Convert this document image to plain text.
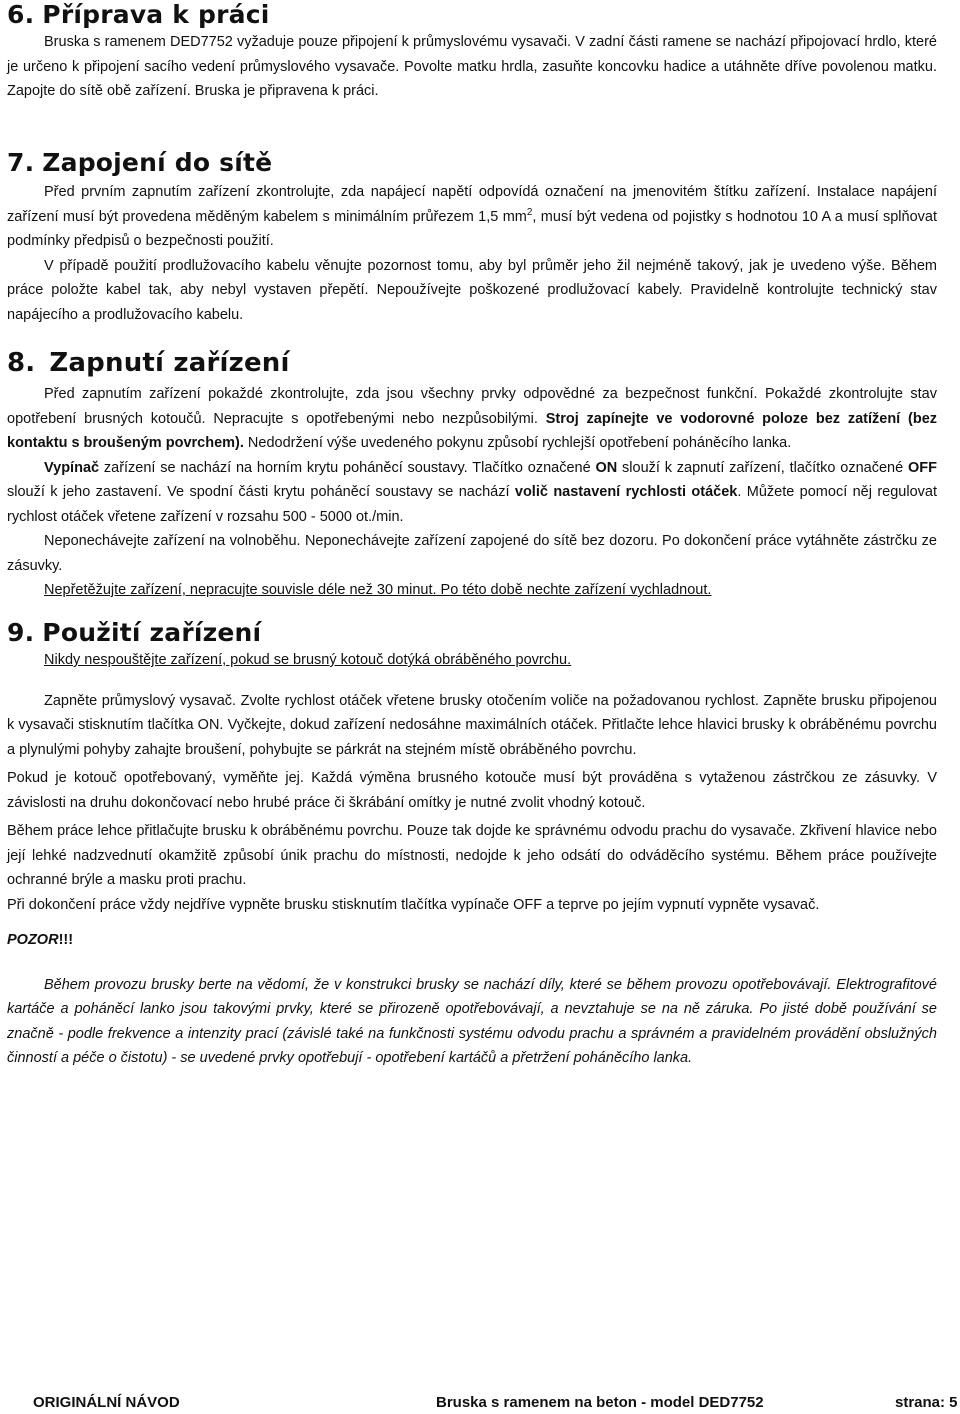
6. Příprava k práci

Bruska s ramenem DED7752 vyžaduje pouze připojení k průmyslovému vysavači. V zadní části ramene se nachází připojovací hrdlo, které je určeno k připojení sacího vedení průmyslového vysavače. Povolte matku hrdla, zasuňte koncovku hadice a utáhněte dříve povolenou matku. Zapojte do sítě obě zařízení. Bruska je připravena k práci.

7. Zapojení do sítě

Před prvním zapnutím zařízení zkontrolujte, zda napájecí napětí odpovídá označení na jmenovitém štítku zařízení. Instalace napájení zařízení musí být provedena měděným kabelem s minimálním průřezem 1,5 $mm^2$, musí být vedena od pojistky s hodnotou 10 A a musí splňovat podmínky předpisů o bezpečnosti použití.

V případě použití prodlužovacího kabelu věnujte pozornost tomu, aby byl průměr jeho žil nejméně takový, jak je uvedeno výše. Během práce položte kabel tak, aby nebyl vystaven přepětí. Nepoužívejte poškozené prodlužovací kabely. Pravidelně kontrolujte technický stav napájecího a prodlužovacího kabelu.

8. Zapnutí zařízení

Před zapnutím zařízení pokaždé zkontrolujte, zda jsou všechny prvky odpovědné za bezpečnost funkční. Pokaždé zkontrolujte stav opotřebení brusných kotoučů. Nepracujte s opotřebenými nebo nezpůsobilými. Stroj zapínejte ve vodorovné poloze bez zatížení (bez kontaktu s broušeným povrchem). Nedodržení výše uvedeného pokynu způsobí rychlejší opotřebení poháněcího lanka.

Vypínač zařízení se nachází na horním krytu poháněcí soustavy. Tlačítko označené ON slouží k zapnutí zařízení, tlačítko označené OFF slouží k jeho zastavení. Ve spodní části krytu poháněcí soustavy se nachází volič nastavení rychlosti otáček. Můžete pomocí něj regulovat rychlost otáček vřetene zařízení v rozsahu 500 - 5000 ot./min.

Neponechávejte zařízení na volnoběhu. Neponechávejte zařízení zapojené do sítě bez dozoru. Po dokončení práce vytáhněte zástrčku ze zásuvky.

Nepřetěžujte zařízení, nepracujte souvisle déle než 30 minut. Po této době nechte zařízení vychladnout.

9. Použití zařízení

Nikdy nespouštějte zařízení, pokud se brusný kotouč dotýká obráběného povrchu.

Zapněte průmyslový vysavač. Zvolte rychlost otáček vřetene brusky otočením voliče na požadovanou rychlost. Zapněte brusku připojenou k vysavači stisknutím tlačítka ON. Vyčkejte, dokud zařízení nedosáhne maximálních otáček. Přitlačte lehce hlavici brusky k obráběnému povrchu a plynulými pohyby zahajte broušení, pohybujte se párkrát na stejném místě obráběného povrchu.

Pokud je kotouč opotřebovaný, vyměňte jej. Každá výměna brusného kotouče musí být prováděna s vytaženou zástrčkou ze zásuvky. V závislosti na druhu dokončovací nebo hrubé práce či škrábání omítky je nutné zvolit vhodný kotouč.

Během práce lehce přitlačujte brusku k obráběnému povrchu. Pouze tak dojde ke správnému odvodu prachu do vysavače. Zkřivení hlavice nebo její lehké nadzvednutí okamžitě způsobí únik prachu do místnosti, nedojde k jeho odsátí do odváděcího systému. Během práce používejte ochranné brýle a masku proti prachu.

Při dokončení práce vždy nejdříve vypněte brusku stisknutím tlačítka vypínače OFF a teprve po jejím vypnutí vypněte vysavač.

POZOR!!!

Během provozu brusky berte na vědomí, že v konstrukci brusky se nachází díly, které se během provozu opotřebovávají. Elektrografitové kartáče a poháněcí lanko jsou takovými prvky, které se přirozeně opotřebovávají, a nevztahuje se na ně záruka. Po jisté době používání se značně - podle frekvence a intenzity prací (závislé také na funkčnosti systému odvodu prachu a správném a pravidelném provádění obslužných činností a péče o čistotu) - se uvedené prvky opotřebují - opotřebení kartáčů a přetržení poháněcího lanka.

ORIGINÁLNÍ NÁVOD	Bruska s ramenem na beton - model DED7752	strana: 5
